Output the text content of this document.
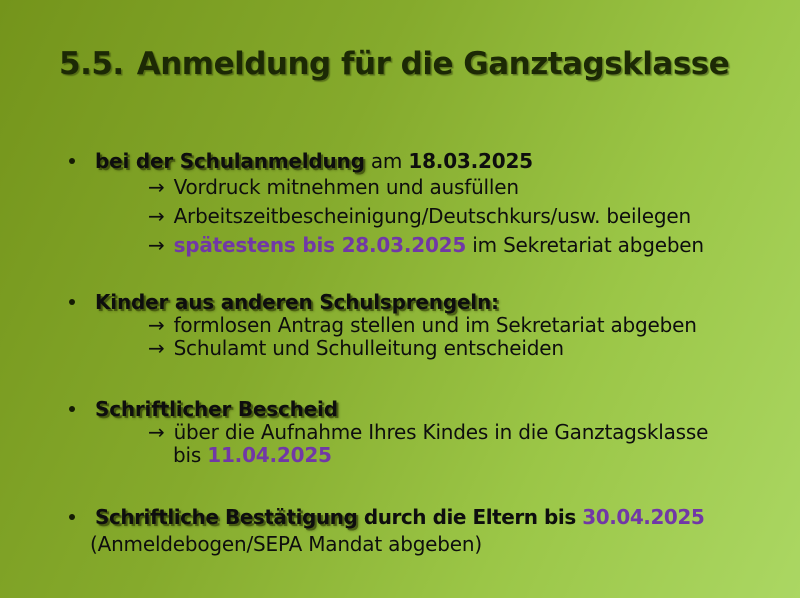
5.5. Anmeldung für die Ganztagsklasse
bei der Schulanmeldung am 18.03.2025
→ Vordruck mitnehmen und ausfüllen
→ Arbeitszeitbescheinigung/Deutschkurs/usw. beilegen
→ spätestens bis 28.03.2025 im Sekretariat abgeben
Kinder aus anderen Schulsprengeln:
→ formlosen Antrag stellen und im Sekretariat abgeben
→ Schulamt und Schulleitung entscheiden
Schriftlicher Bescheid
→ über die Aufnahme Ihres Kindes in die Ganztagsklasse
bis 11.04.2025
Schriftliche Bestätigung durch die Eltern bis 30.04.2025
(Anmeldebogen/SEPA Mandat abgeben)
